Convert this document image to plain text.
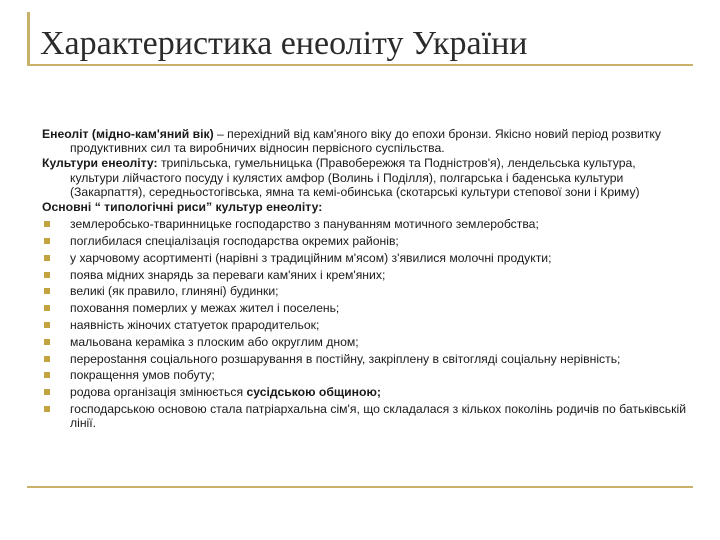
Характеристика енеоліту України

Енеоліт (мідно-кам'яний вік) – перехідний від кам'яного віку до епохи бронзи. Якісно новий період розвитку продуктивних сил та виробничих відносин первісного суспільства.

Культури енеоліту: трипільська, гумельницька (Правобережжя та Подністров'я), лендельська культура, культури лійчастого посуду і кулястих амфор (Волинь і Поділля), полгарська і баденська культури (Закарпаття), середньостогівська, ямна та кемі-обинська (скотарські культури степової зони і Криму)

Основні “ типологічні риси” культур енеоліту:

землеробсько-тваринницьке господарство з пануванням мотичного землеробства;
поглибилася спеціалізація господарства окремих районів;
у харчовому асортименті (нарівні з традиційним м'ясом) з'явилися молочні продукти;
поява мідних знарядь за переваги кам'яних і крем'яних;
великі (як правило, глиняні) будинки;
поховання померлих у межах жител і поселень;
наявність жіночих статуеток прародительок;
мальована кераміка з плоским або округлим дном;
перерostання соціального розшарування в постійну, закріплену в світогляді соціальну нерівність;
покращення умов побуту;
родова організація змінюється сусідською общиною;
господарською основою стала патріархальна сім'я, що складалася з кількох поколінь родичів по батьківській лінії.
